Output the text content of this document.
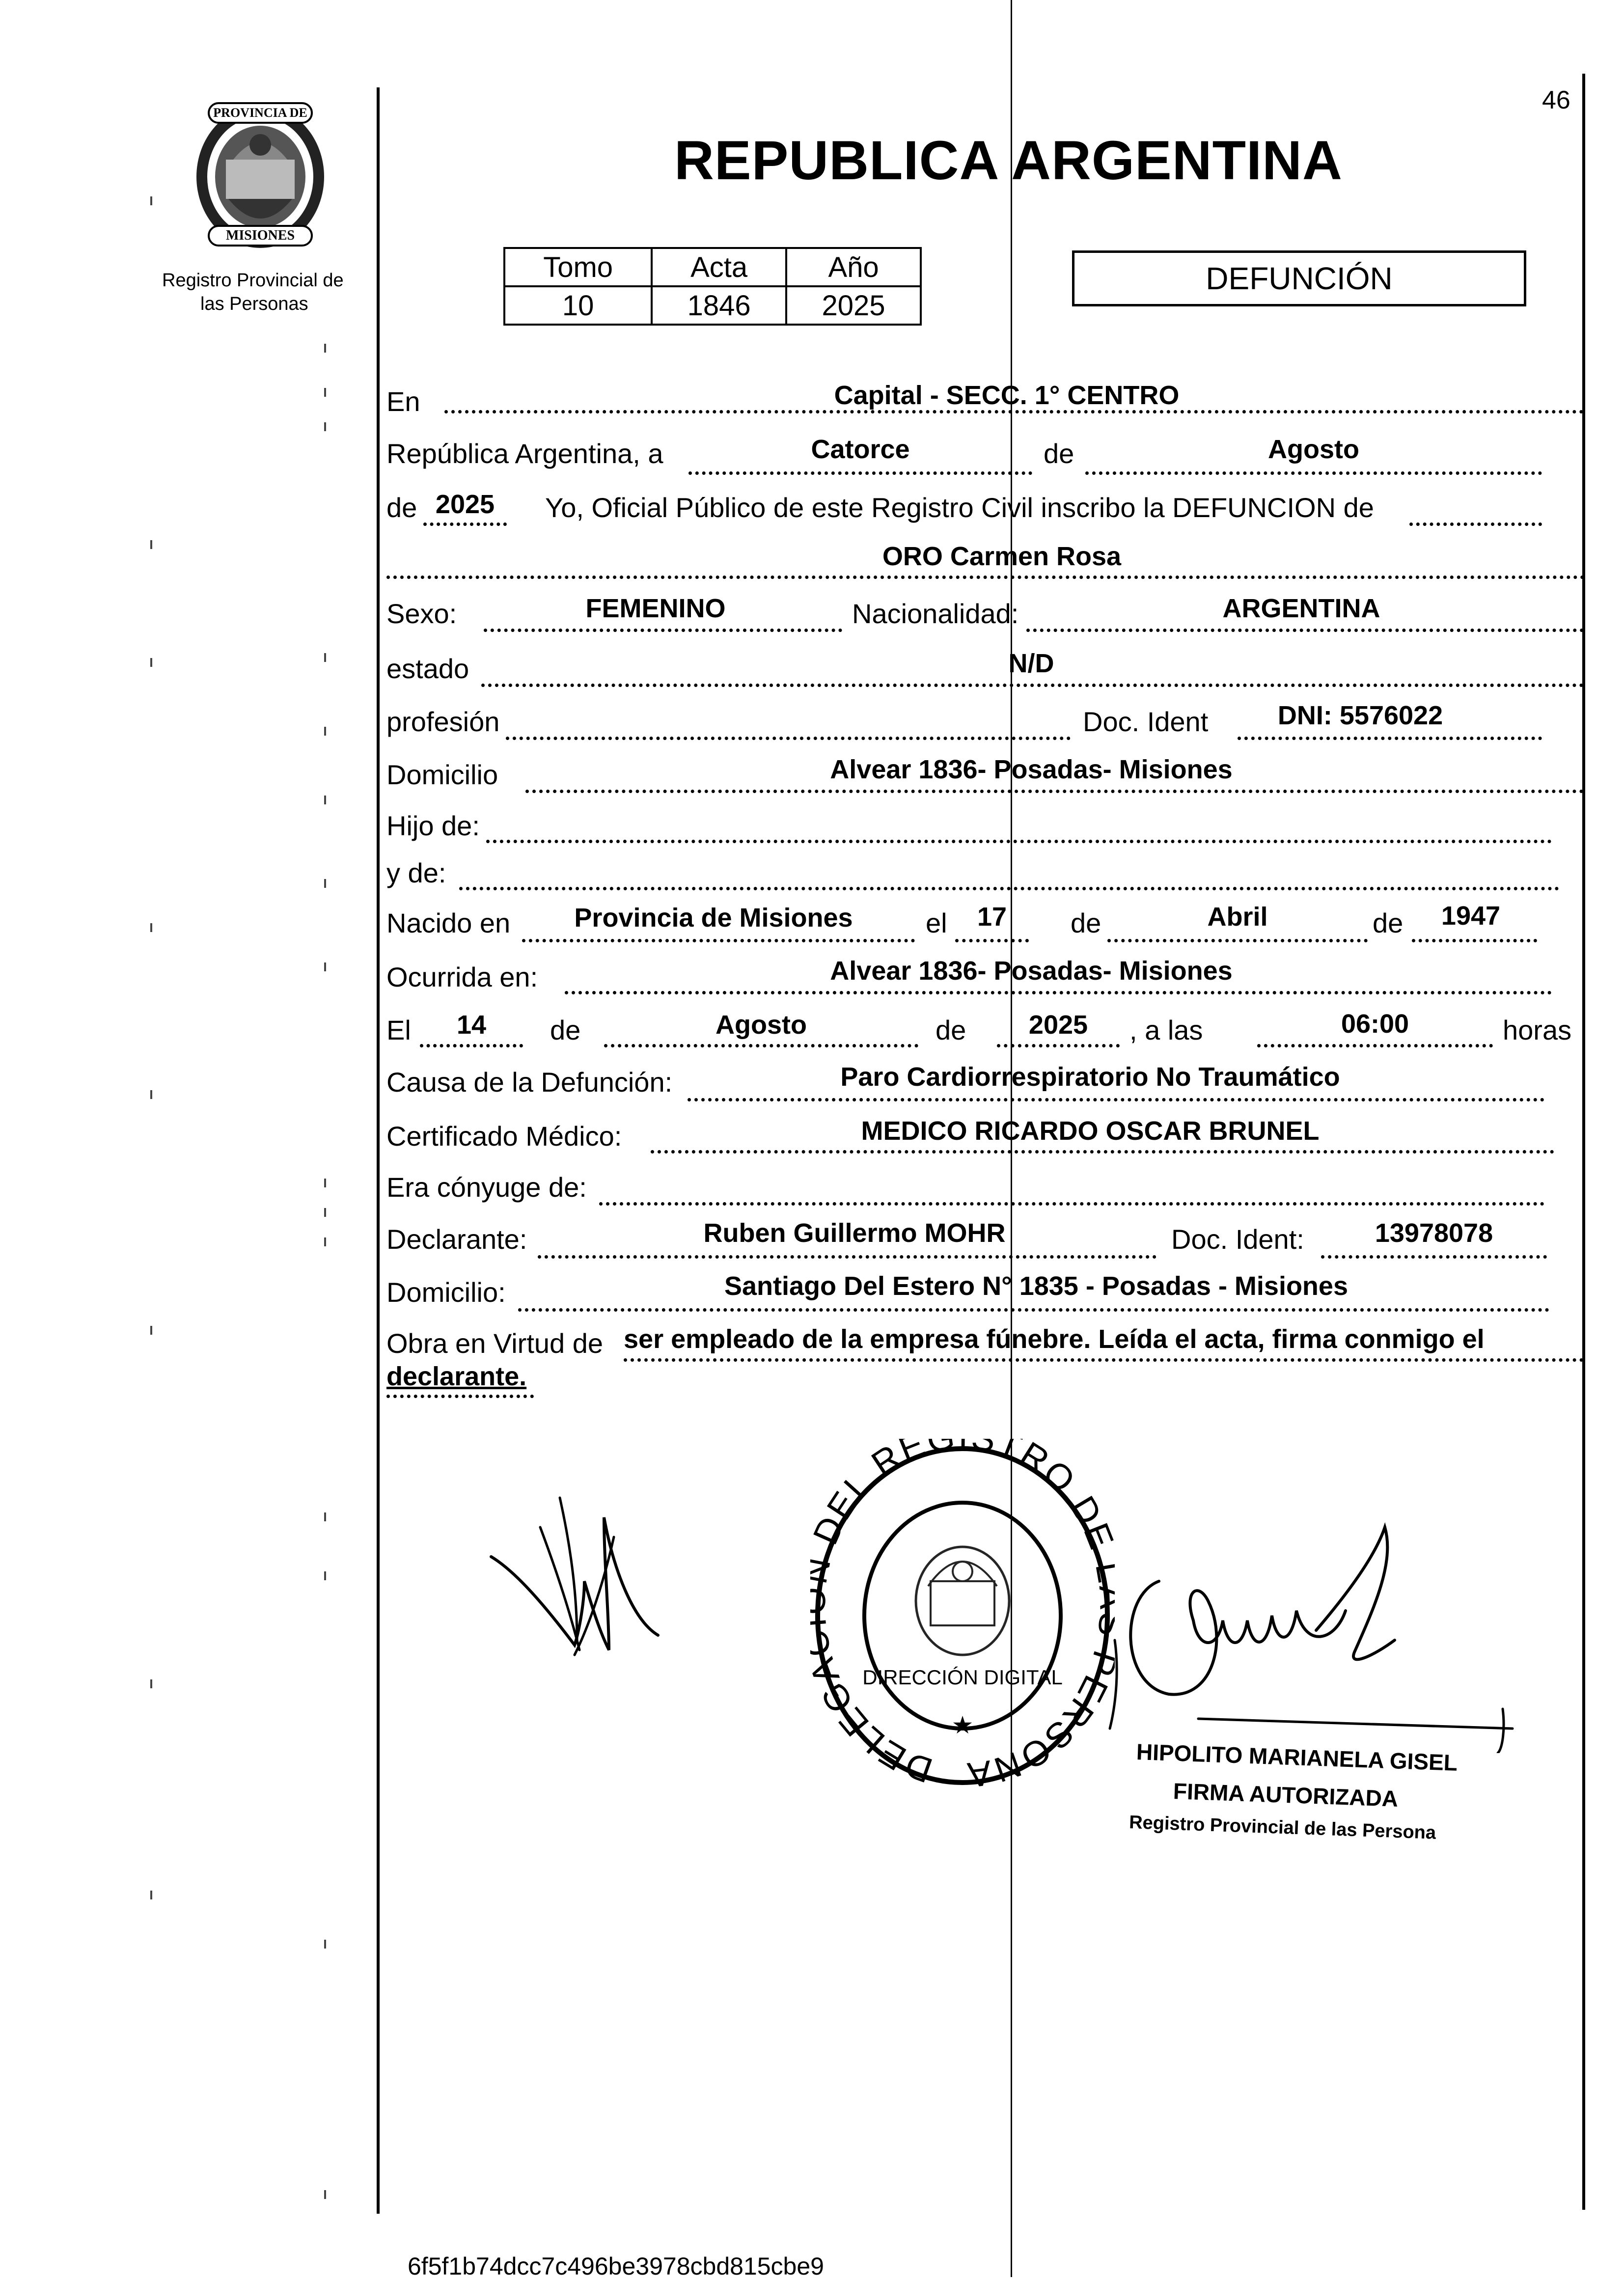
46
PROVINCIA DE
MISIONES
Registro Provincial de
las Personas
REPUBLICA ARGENTINA
Tomo	Acta	Año
10	1846	2025
DEFUNCIÓN
En	Capital - SECC. 1° CENTRO
República Argentina, a	Catorce	de	Agosto
de 2025	Yo, Oficial Público de este Registro Civil inscribo la DEFUNCION de
ORO Carmen Rosa
Sexo:	FEMENINO	Nacionalidad:	ARGENTINA
estado	N/D
profesión	Doc. Ident	DNI: 5576022
Domicilio	Alvear 1836- Posadas- Misiones
Hijo de:
y de:
Nacido en	Provincia de Misiones	el	17	de	Abril	de	1947
Ocurrida en:	Alvear 1836- Posadas- Misiones
El	14	de	Agosto	de	2025	, a las	06:00	horas
Causa de la Defunción:	Paro Cardiorrespiratorio No Traumático
Certificado Médico:	MEDICO RICARDO OSCAR BRUNEL
Era cónyuge de:
Declarante:	Ruben Guillermo MOHR	Doc. Ident:	13978078
Domicilio:	Santiago Del Estero N° 1835 - Posadas - Misiones
Obra en Virtud de ser empleado de la empresa fúnebre. Leída el acta, firma conmigo el
declarante.
DELEG DEL RE TRO D ERSONA
DIRECCIÓN DIGITAL
★
HIPOLITO MARIANELA GISEL
FIRMA AUTORIZADA
Registro Provincial de las Persona
6f5f1b74dcc7c496be3978cbd815cbe9
